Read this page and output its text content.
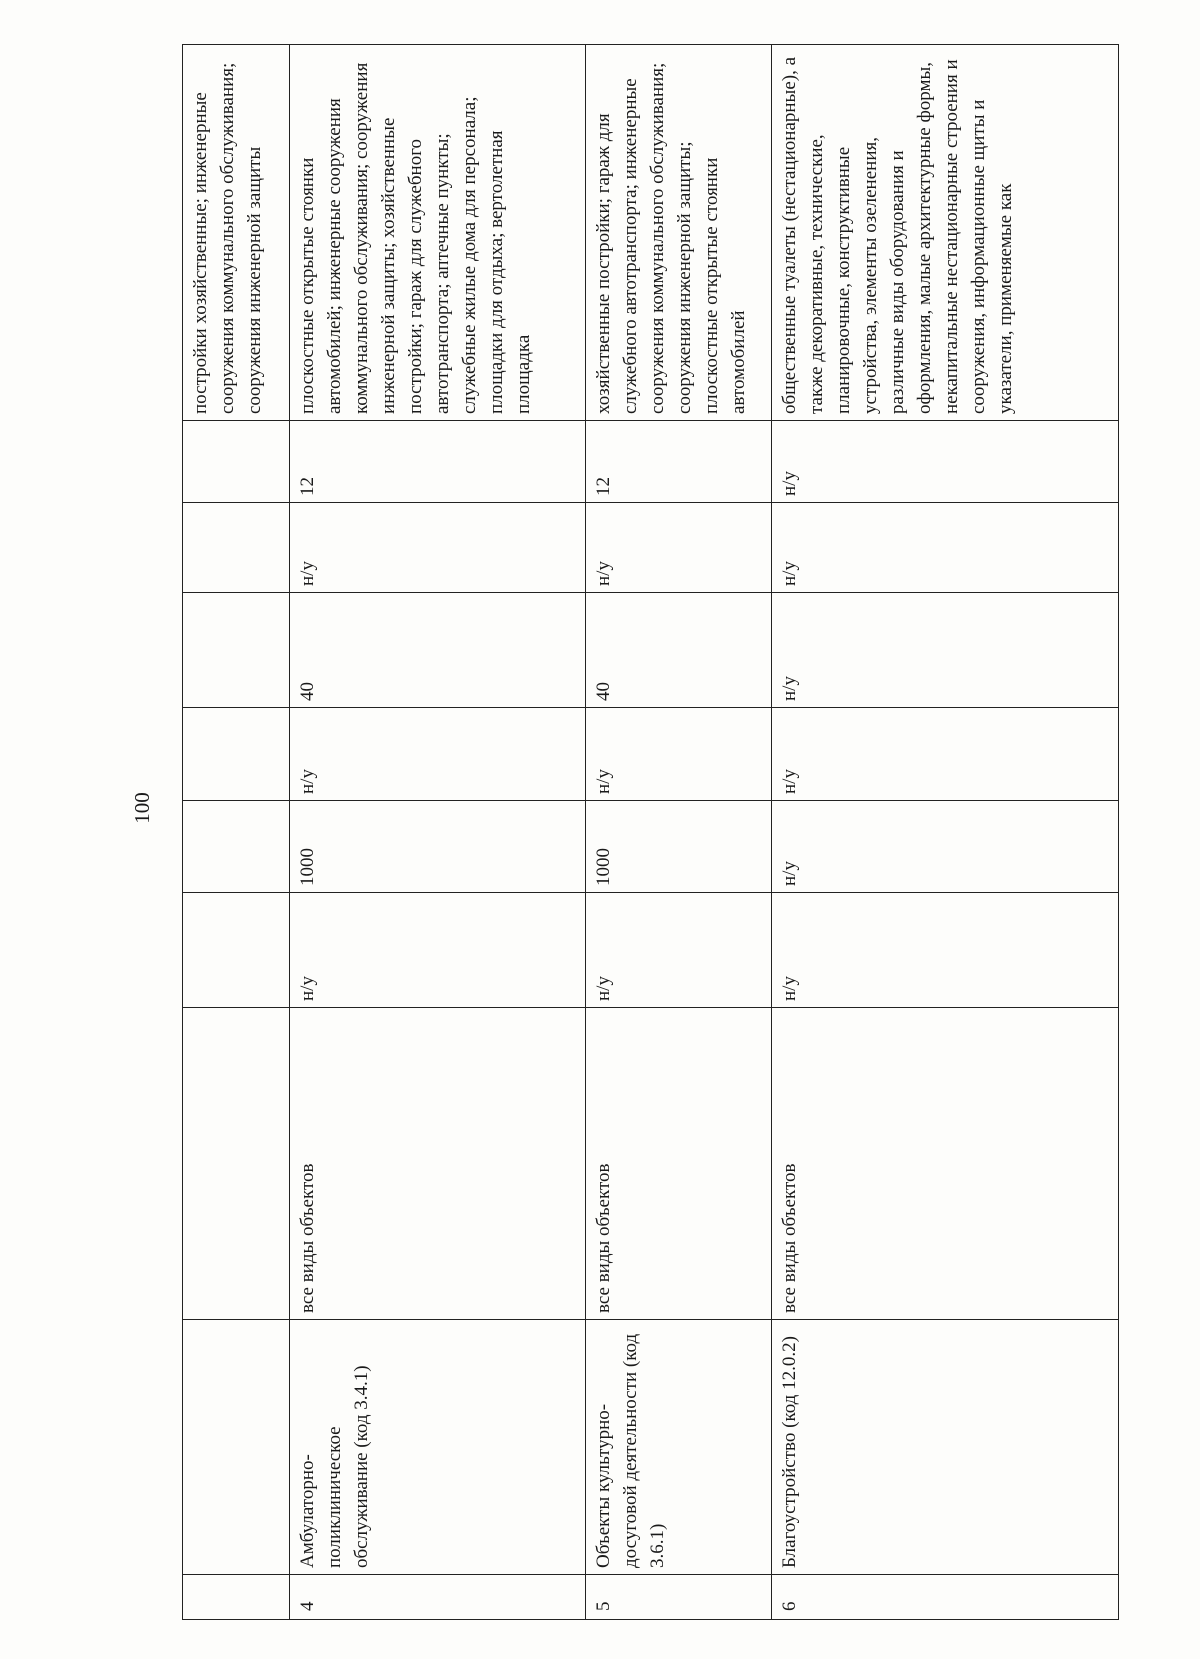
100
									постройки хозяйственные; инженерные сооружения коммунального обслуживания; сооружения инженерной защиты
4	Амбулаторно-поликлиническое обслуживание (код 3.4.1)	все виды объектов	н/у	1000	н/у	40	н/у	12	плоскостные открытые стоянки автомобилей; инженерные сооружения коммунального обслуживания; сооружения инженерной защиты; хозяйственные постройки; гараж для служебного автотранспорта; аптечные пункты; служебные жилые дома для персонала; площадки для отдыха; вертолетная площадка
5	Объекты культурно-досуговой деятельности (код 3.6.1)	все виды объектов	н/у	1000	н/у	40	н/у	12	хозяйственные постройки; гараж для служебного автотранспорта; инженерные сооружения коммунального обслуживания; сооружения инженерной защиты; плоскостные открытые стоянки автомобилей
6	Благоустройство (код 12.0.2)	все виды объектов	н/у	н/у	н/у	н/у	н/у	н/у	общественные туалеты (нестационарные), а также декоративные, технические, планировочные, конструктивные устройства, элементы озеленения, различные виды оборудования и оформления, малые архитектурные формы, некапитальные нестационарные строения и сооружения, информационные щиты и указатели, применяемые как
